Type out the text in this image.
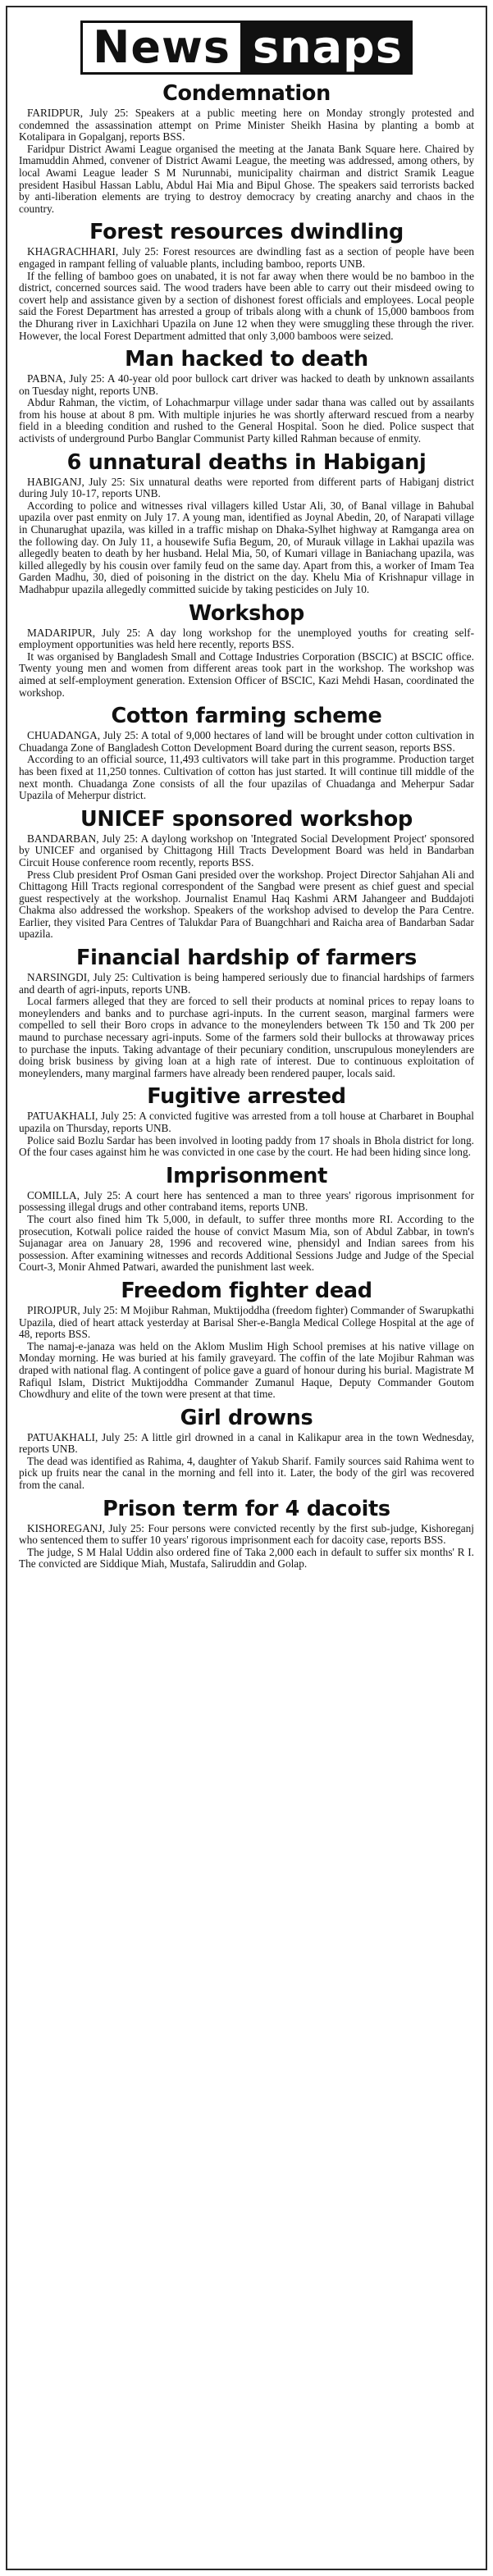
News snaps
Condemnation

FARIDPUR, July 25: Speakers at a public meeting here on Monday strongly protested and condemned the assassination attempt on Prime Minister Sheikh Hasina by planting a bomb at Kotalipara in Gopalganj, reports BSS.

Faridpur District Awami League organised the meeting at the Janata Bank Square here. Chaired by Imamuddin Ahmed, convener of District Awami League, the meeting was addressed, among others, by local Awami League leader S M Nurunnabi, municipality chairman and district Sramik League president Hasibul Hassan Lablu, Abdul Hai Mia and Bipul Ghose. The speakers said terrorists backed by anti-liberation elements are trying to destroy democracy by creating anarchy and chaos in the country.

Forest resources dwindling

KHAGRACHHARI, July 25: Forest resources are dwindling fast as a section of people have been engaged in rampant felling of valuable plants, including bamboo, reports UNB.

If the felling of bamboo goes on unabated, it is not far away when there would be no bamboo in the district, concerned sources said. The wood traders have been able to carry out their misdeed owing to covert help and assistance given by a section of dishonest forest officials and employees. Local people said the Forest Department has arrested a group of tribals along with a chunk of 15,000 bamboos from the Dhurang river in Laxichhari Upazila on June 12 when they were smuggling these through the river. However, the local Forest Department admitted that only 3,000 bamboos were seized.

Man hacked to death

PABNA, July 25: A 40-year old poor bullock cart driver was hacked to death by unknown assailants on Tuesday night, reports UNB.

Abdur Rahman, the victim, of Lohachmarpur village under sadar thana was called out by assailants from his house at about 8 pm. With multiple injuries he was shortly afterward rescued from a nearby field in a bleeding condition and rushed to the General Hospital. Soon he died. Police suspect that activists of underground Purbo Banglar Communist Party killed Rahman because of enmity.

6 unnatural deaths in Habiganj

HABIGANJ, July 25: Six unnatural deaths were reported from different parts of Habiganj district during July 10-17, reports UNB.

According to police and witnesses rival villagers killed Ustar Ali, 30, of Banal village in Bahubal upazila over past enmity on July 17. A young man, identified as Joynal Abedin, 20, of Narapati village in Chunarughat upazila, was killed in a traffic mishap on Dhaka-Sylhet highway at Ramganga area on the following day. On July 11, a housewife Sufia Begum, 20, of Murauk village in Lakhai upazila was allegedly beaten to death by her husband. Helal Mia, 50, of Kumari village in Baniachang upazila, was killed allegedly by his cousin over family feud on the same day. Apart from this, a worker of Imam Tea Garden Madhu, 30, died of poisoning in the district on the day. Khelu Mia of Krishnapur village in Madhabpur upazila allegedly committed suicide by taking pesticides on July 10.

Workshop

MADARIPUR, July 25: A day long workshop for the unemployed youths for creating self-employment opportunities was held here recently, reports BSS.

It was organised by Bangladesh Small and Cottage Industries Corporation (BSCIC) at BSCIC office. Twenty young men and women from different areas took part in the workshop. The workshop was aimed at self-employment generation. Extension Officer of BSCIC, Kazi Mehdi Hasan, coordinated the workshop.

Cotton farming scheme

CHUADANGA, July 25: A total of 9,000 hectares of land will be brought under cotton cultivation in Chuadanga Zone of Bangladesh Cotton Development Board during the current season, reports BSS.

According to an official source, 11,493 cultivators will take part in this programme. Production target has been fixed at 11,250 tonnes. Cultivation of cotton has just started. It will continue till middle of the next month. Chuadanga Zone consists of all the four upazilas of Chuadanga and Meherpur Sadar Upazila of Meherpur district.

UNICEF sponsored workshop

BANDARBAN, July 25: A daylong workshop on 'Integrated Social Development Project' sponsored by UNICEF and organised by Chittagong Hill Tracts Development Board was held in Bandarban Circuit House conference room recently, reports BSS.

Press Club president Prof Osman Gani presided over the workshop. Project Director Sahjahan Ali and Chittagong Hill Tracts regional correspondent of the Sangbad were present as chief guest and special guest respectively at the workshop. Journalist Enamul Haq Kashmi ARM Jahangeer and Buddajoti Chakma also addressed the workshop. Speakers of the workshop advised to develop the Para Centre. Earlier, they visited Para Centres of Talukdar Para of Buangchhari and Raicha area of Bandarban Sadar upazila.

Financial hardship of farmers

NARSINGDI, July 25: Cultivation is being hampered seriously due to financial hardships of farmers and dearth of agri-inputs, reports UNB.

Local farmers alleged that they are forced to sell their products at nominal prices to repay loans to moneylenders and banks and to purchase agri-inputs. In the current season, marginal farmers were compelled to sell their Boro crops in advance to the moneylenders between Tk 150 and Tk 200 per maund to purchase necessary agri-inputs. Some of the farmers sold their bullocks at throwaway prices to purchase the inputs. Taking advantage of their pecuniary condition, unscrupulous moneylenders are doing brisk business by giving loan at a high rate of interest. Due to continuous exploitation of moneylenders, many marginal farmers have already been rendered pauper, locals said.

Fugitive arrested

PATUAKHALI, July 25: A convicted fugitive was arrested from a toll house at Charbaret in Bouphal upazila on Thursday, reports UNB.

Police said Bozlu Sardar has been involved in looting paddy from 17 shoals in Bhola district for long. Of the four cases against him he was convicted in one case by the court. He had been hiding since long.

Imprisonment

COMILLA, July 25: A court here has sentenced a man to three years' rigorous imprisonment for possessing illegal drugs and other contraband items, reports UNB.

The court also fined him Tk 5,000, in default, to suffer three months more RI. According to the prosecution, Kotwali police raided the house of convict Masum Mia, son of Abdul Zabbar, in town's Sujanagar area on January 28, 1996 and recovered wine, phensidyl and Indian sarees from his possession. After examining witnesses and records Additional Sessions Judge and Judge of the Special Court-3, Monir Ahmed Patwari, awarded the punishment last week.

Freedom fighter dead

PIROJPUR, July 25: M Mojibur Rahman, Muktijoddha (freedom fighter) Commander of Swarupkathi Upazila, died of heart attack yesterday at Barisal Sher-e-Bangla Medical College Hospital at the age of 48, reports BSS.

The namaj-e-janaza was held on the Aklom Muslim High School premises at his native village on Monday morning. He was buried at his family graveyard. The coffin of the late Mojibur Rahman was draped with national flag. A contingent of police gave a guard of honour during his burial. Magistrate M Rafiqul Islam, District Muktijoddha Commander Zumanul Haque, Deputy Commander Goutom Chowdhury and elite of the town were present at that time.

Girl drowns

PATUAKHALI, July 25: A little girl drowned in a canal in Kalikapur area in the town Wednesday, reports UNB.

The dead was identified as Rahima, 4, daughter of Yakub Sharif. Family sources said Rahima went to pick up fruits near the canal in the morning and fell into it. Later, the body of the girl was recovered from the canal.

Prison term for 4 dacoits

KISHOREGANJ, July 25: Four persons were convicted recently by the first sub-judge, Kishoreganj who sentenced them to suffer 10 years' rigorous imprisonment each for dacoity case, reports BSS.

The judge, S M Halal Uddin also ordered fine of Taka 2,000 each in default to suffer six months' R I. The convicted are Siddique Miah, Mustafa, Saliruddin and Golap.
